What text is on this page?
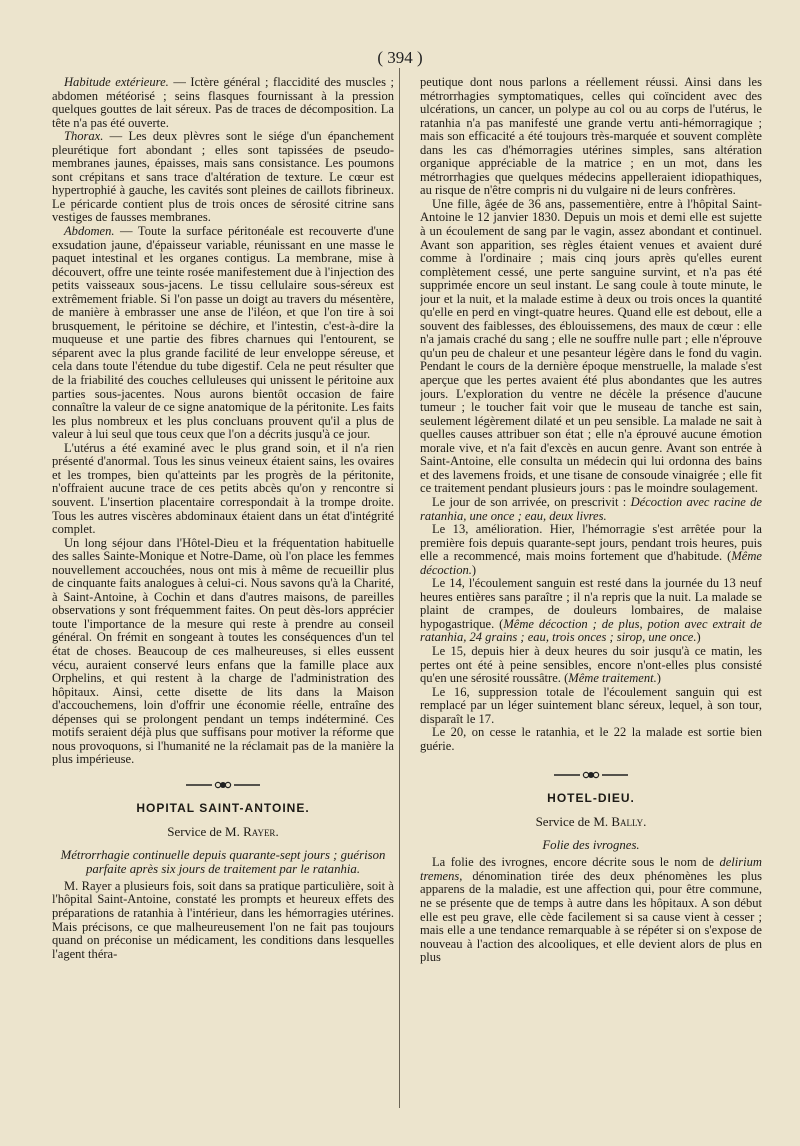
( 394 )

Habitude extérieure. — Ictère général ; flaccidité des muscles ; abdomen météorisé ; seins flasques fournissant à la pression quelques gouttes de lait séreux. Pas de traces de décomposition. La tête n'a pas été ouverte.

Thorax. — Les deux plèvres sont le siége d'un épanchement pleurétique fort abondant ; elles sont tapissées de pseudo-membranes jaunes, épaisses, mais sans consistance. Les poumons sont crépitans et sans trace d'altération de texture. Le cœur est hypertrophié à gauche, les cavités sont pleines de caillots fibrineux. Le péricarde contient plus de trois onces de sérosité citrine sans vestiges de fausses membranes.

Abdomen. — Toute la surface péritonéale est recouverte d'une exsudation jaune, d'épaisseur variable, réunissant en une masse le paquet intestinal et les organes contigus. La membrane, mise à découvert, offre une teinte rosée manifestement due à l'injection des petits vaisseaux sous-jacens. Le tissu cellulaire sous-séreux est extrêmement friable. Si l'on passe un doigt au travers du mésentère, de manière à embrasser une anse de l'iléon, et que l'on tire à soi brusquement, le péritoine se déchire, et l'intestin, c'est-à-dire la muqueuse et une partie des fibres charnues qui l'entourent, se séparent avec la plus grande facilité de leur enveloppe séreuse, et cela dans toute l'étendue du tube digestif. Cela ne peut résulter que de la friabilité des couches celluleuses qui unissent le péritoine aux parties sous-jacentes. Nous aurons bientôt occasion de faire connaître la valeur de ce signe anatomique de la péritonite. Les faits les plus nombreux et les plus concluans prouvent qu'il a plus de valeur à lui seul que tous ceux que l'on a décrits jusqu'à ce jour.

L'utérus a été examiné avec le plus grand soin, et il n'a rien présenté d'anormal. Tous les sinus veineux étaient sains, les ovaires et les trompes, bien qu'atteints par les progrès de la péritonite, n'offraient aucune trace de ces petits abcès qu'on y rencontre si souvent. L'insertion placentaire correspondait à la trompe droite. Tous les autres viscères abdominaux étaient dans un état d'intégrité complet.

Un long séjour dans l'Hôtel-Dieu et la fréquentation habituelle des salles Sainte-Monique et Notre-Dame, où l'on place les femmes nouvellement accouchées, nous ont mis à même de recueillir plus de cinquante faits analogues à celui-ci. Nous savons qu'à la Charité, à Saint-Antoine, à Cochin et dans d'autres maisons, de pareilles observations y sont fréquemment faites. On peut dès-lors apprécier toute l'importance de la mesure qui reste à prendre au conseil général. On frémit en songeant à toutes les conséquences d'un tel état de choses. Beaucoup de ces malheureuses, si elles eussent vécu, auraient conservé leurs enfans que la famille place aux Orphelins, et qui restent à la charge de l'administration des hôpitaux. Ainsi, cette disette de lits dans la Maison d'accouchemens, loin d'offrir une économie réelle, entraîne des dépenses qui se prolongent pendant un temps indéterminé. Ces motifs seraient déjà plus que suffisans pour motiver la réforme que nous provoquons, si l'humanité ne la réclamait pas de la manière la plus impérieuse.

HOPITAL SAINT-ANTOINE.
Service de M. Rayer.
Métrorrhagie continuelle depuis quarante-sept jours ; guérison parfaite après six jours de traitement par le ratanhia.

M. Rayer a plusieurs fois, soit dans sa pratique particulière, soit à l'hôpital Saint-Antoine, constaté les prompts et heureux effets des préparations de ratanhia à l'intérieur, dans les hémorragies utérines. Mais précisons, ce que malheureusement l'on ne fait pas toujours quand on préconise un médicament, les conditions dans lesquelles l'agent théra-

peutique dont nous parlons a réellement réussi. Ainsi dans les métrorrhagies symptomatiques, celles qui coïncident avec des ulcérations, un cancer, un polype au col ou au corps de l'utérus, le ratanhia n'a pas manifesté une grande vertu anti-hémorragique ; mais son efficacité a été toujours très-marquée et souvent complète dans les cas d'hémorragies utérines simples, sans altération organique appréciable de la matrice ; en un mot, dans les métrorrhagies que quelques médecins appelleraient idiopathiques, au risque de n'être compris ni du vulgaire ni de leurs confrères.

Une fille, âgée de 36 ans, passementière, entre à l'hôpital Saint-Antoine le 12 janvier 1830. Depuis un mois et demi elle est sujette à un écoulement de sang par le vagin, assez abondant et continuel. Avant son apparition, ses règles étaient venues et avaient duré comme à l'ordinaire ; mais cinq jours après qu'elles eurent complètement cessé, une perte sanguine survint, et n'a pas été supprimée encore un seul instant. Le sang coule à toute minute, le jour et la nuit, et la malade estime à deux ou trois onces la quantité qu'elle en perd en vingt-quatre heures. Quand elle est debout, elle a souvent des faiblesses, des éblouissemens, des maux de cœur : elle n'a jamais craché du sang ; elle ne souffre nulle part ; elle n'éprouve qu'un peu de chaleur et une pesanteur légère dans le fond du vagin. Pendant le cours de la dernière époque menstruelle, la malade s'est aperçue que les pertes avaient été plus abondantes que les autres jours. L'exploration du ventre ne décèle la présence d'aucune tumeur ; le toucher fait voir que le museau de tanche est sain, seulement légèrement dilaté et un peu sensible. La malade ne sait à quelles causes attribuer son état ; elle n'a éprouvé aucune émotion morale vive, et n'a fait d'excès en aucun genre. Avant son entrée à Saint-Antoine, elle consulta un médecin qui lui ordonna des bains et des lavemens froids, et une tisane de consoude vinaigrée ; elle fit ce traitement pendant plusieurs jours : pas le moindre soulagement.

Le jour de son arrivée, on prescrivit : Décoction avec racine de ratanhia, une once ; eau, deux livres.

Le 13, amélioration. Hier, l'hémorragie s'est arrêtée pour la première fois depuis quarante-sept jours, pendant trois heures, puis elle a recommencé, mais moins fortement que d'habitude. (Même décoction.)

Le 14, l'écoulement sanguin est resté dans la journée du 13 neuf heures entières sans paraître ; il n'a repris que la nuit. La malade se plaint de crampes, de douleurs lombaires, de malaise hypogastrique. (Même décoction ; de plus, potion avec extrait de ratanhia, 24 grains ; eau, trois onces ; sirop, une once.)

Le 15, depuis hier à deux heures du soir jusqu'à ce matin, les pertes ont été à peine sensibles, encore n'ont-elles plus consisté qu'en une sérosité roussâtre. (Même traitement.)

Le 16, suppression totale de l'écoulement sanguin qui est remplacé par un léger suintement blanc séreux, lequel, à son tour, disparaît le 17.

Le 20, on cesse le ratanhia, et le 22 la malade est sortie bien guérie.

HOTEL-DIEU.
Service de M. Bally.
Folie des ivrognes.

La folie des ivrognes, encore décrite sous le nom de delirium tremens, dénomination tirée des deux phénomènes les plus apparens de la maladie, est une affection qui, pour être commune, ne se présente que de temps à autre dans les hôpitaux. A son début elle est peu grave, elle cède facilement si sa cause vient à cesser ; mais elle a une tendance remarquable à se répéter si on s'expose de nouveau à l'action des alcooliques, et elle devient alors de plus en plus
